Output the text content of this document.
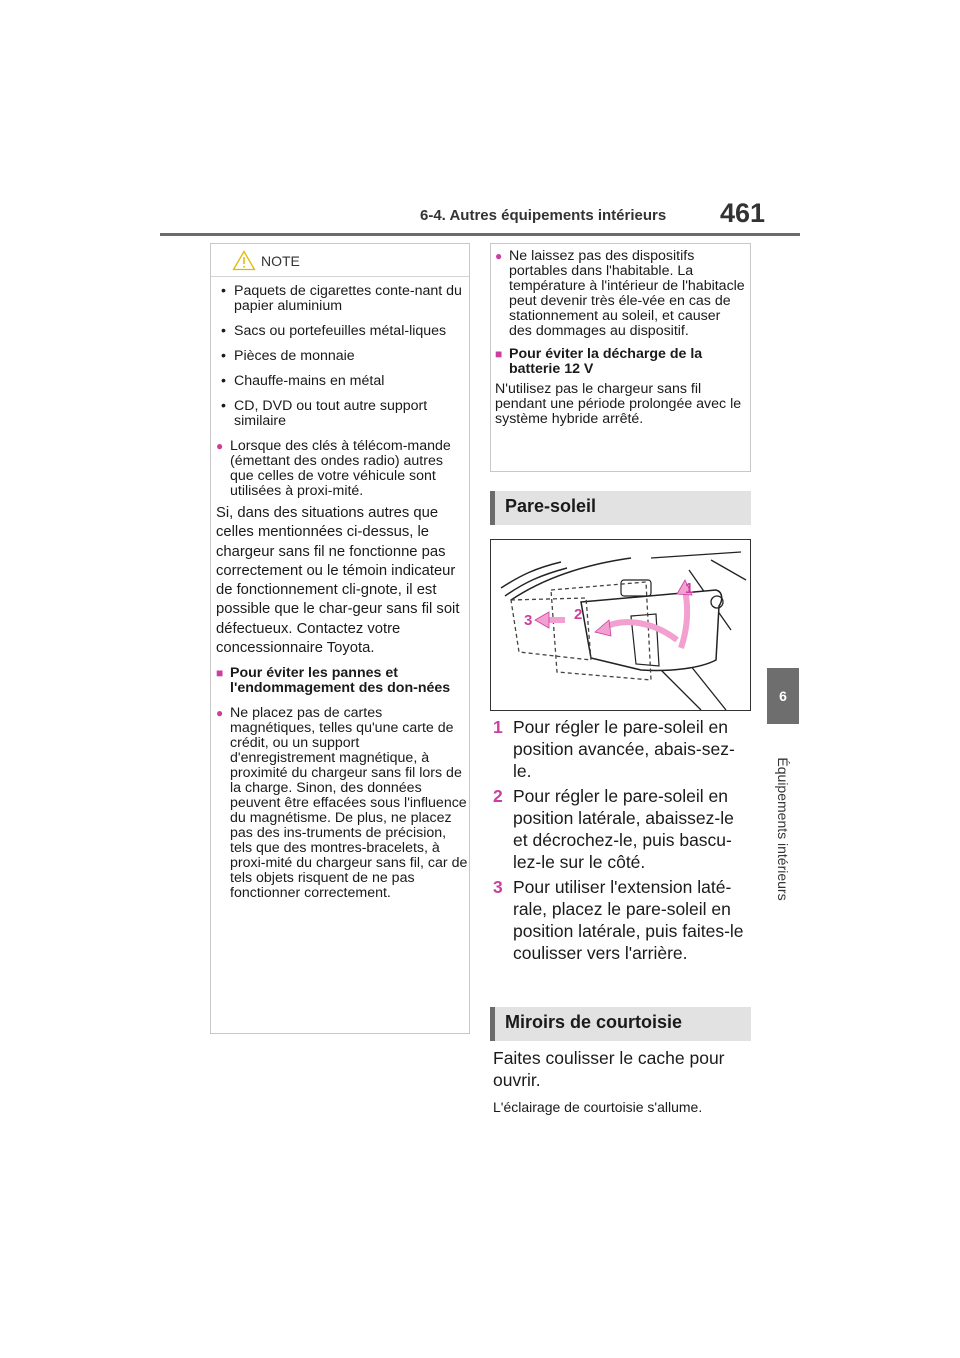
6-4. Autres équipements intérieurs 461
6
Équipements intérieurs
NOTE
• Paquets de cigarettes conte-nant du papier aluminium
• Sacs ou portefeuilles métal-liques
• Pièces de monnaie
• Chauffe-mains en métal
• CD, DVD ou tout autre support similaire
● Lorsque des clés à télécom-mande (émettant des ondes radio) autres que celles de votre véhicule sont utilisées à proxi-mité.
Si, dans des situations autres que celles mentionnées ci-dessus, le chargeur sans fil ne fonctionne pas correctement ou le témoin indicateur de fonctionnement cli-gnote, il est possible que le char-geur sans fil soit défectueux. Contactez votre concessionnaire Toyota.
■ Pour éviter les pannes et l'endommagement des don-nées
● Ne placez pas de cartes magnétiques, telles qu'une carte de crédit, ou un support d'enregistrement magnétique, à proximité du chargeur sans fil lors de la charge. Sinon, des données peuvent être effacées sous l'influence du magnétisme. De plus, ne placez pas des ins-truments de précision, tels que des montres-bracelets, à proxi-mité du chargeur sans fil, car de tels objets risquent de ne pas fonctionner correctement.
● Ne laissez pas des dispositifs portables dans l'habitable. La température à l'intérieur de l'habitacle peut devenir très éle-vée en cas de stationnement au soleil, et causer des dommages au dispositif.
■ Pour éviter la décharge de la batterie 12 V
N'utilisez pas le chargeur sans fil pendant une période prolongée avec le système hybride arrêté.
Pare-soleil
1
2
3
1 Pour régler le pare-soleil en position avancée, abais-sez-le.
2 Pour régler le pare-soleil en position latérale, abaissez-le et décrochez-le, puis bascu-lez-le sur le côté.
3 Pour utiliser l'extension laté-rale, placez le pare-soleil en position latérale, puis faites-le coulisser vers l'arrière.
Miroirs de courtoisie
Faites coulisser le cache pour ouvrir.
L'éclairage de courtoisie s'allume.
